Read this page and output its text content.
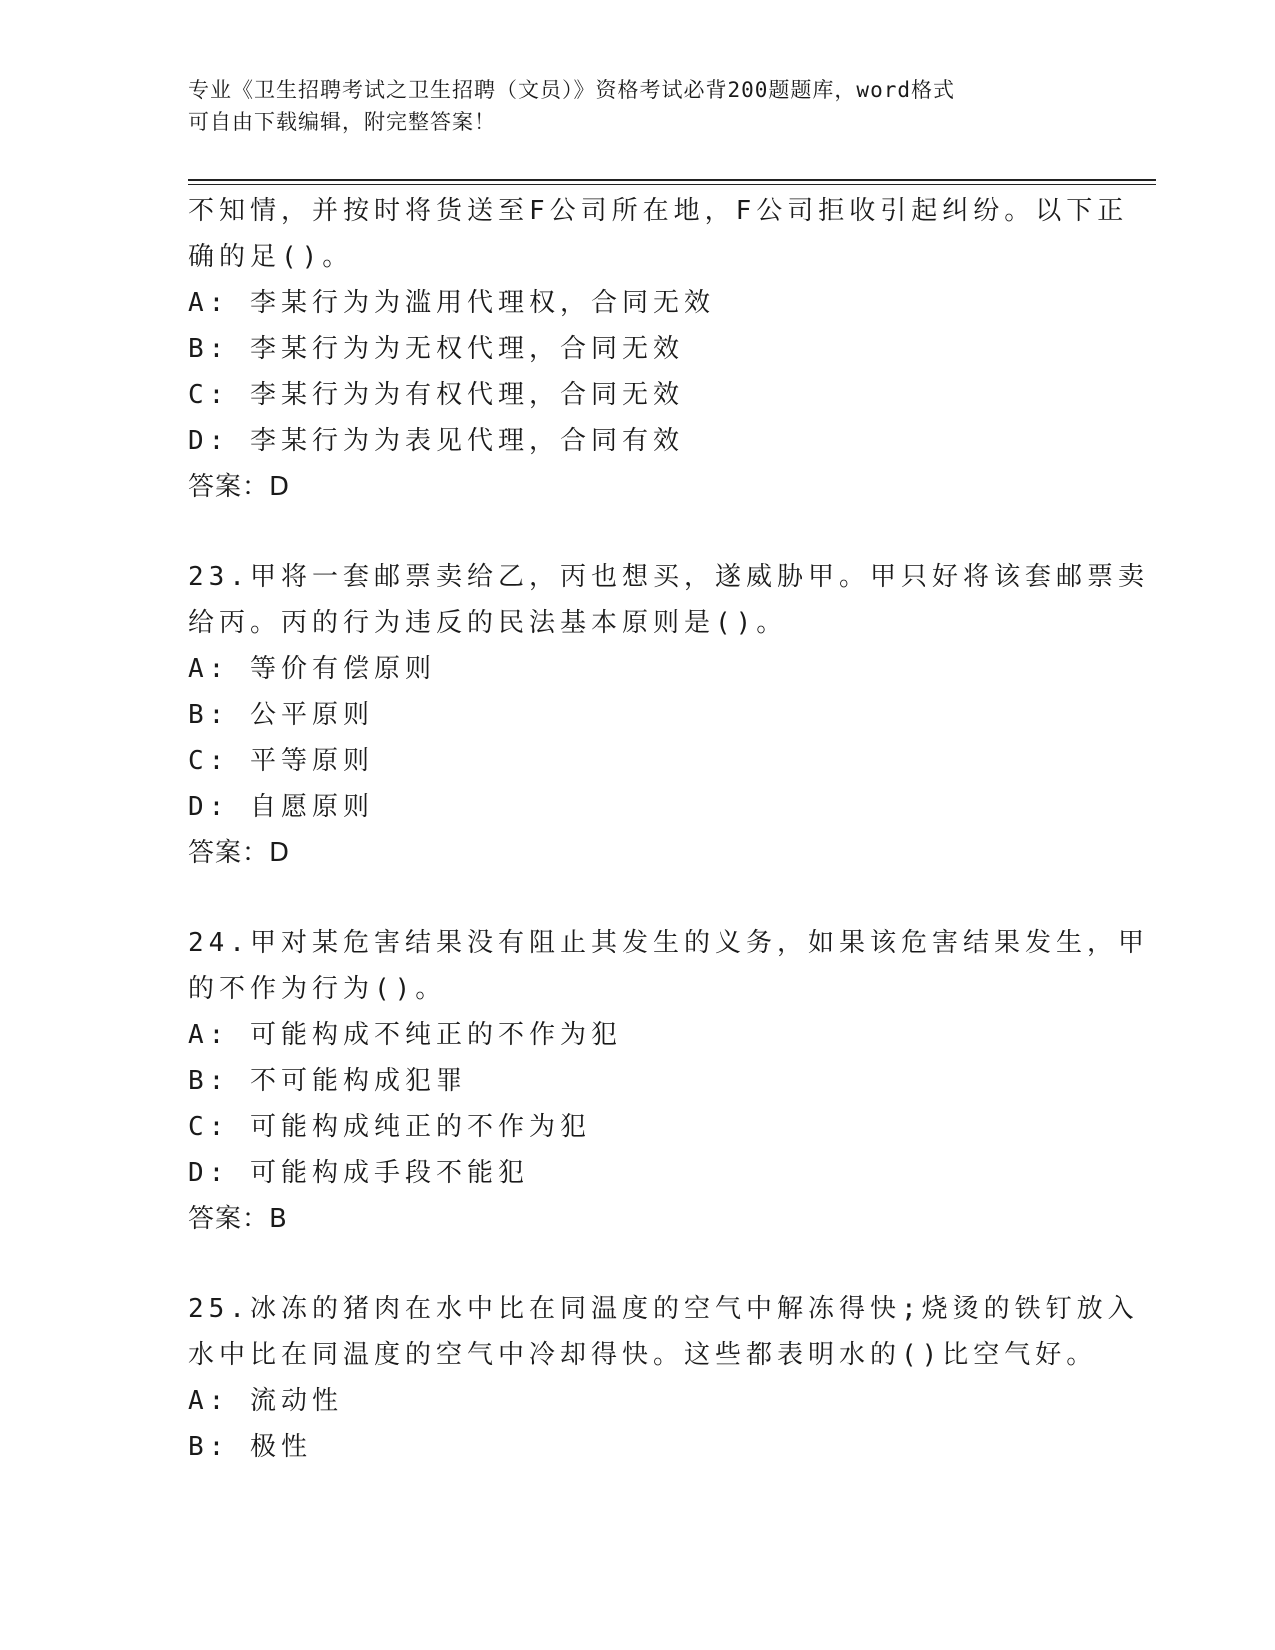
专业《卫生招聘考试之卫生招聘（文员）》资格考试必背200题题库，word格式
可自由下载编辑，附完整答案！
不知情，并按时将货送至F公司所在地，F公司拒收引起纠纷。以下正
确的足()。
A: 李某行为为滥用代理权，合同无效
B: 李某行为为无权代理，合同无效
C: 李某行为为有权代理，合同无效
D: 李某行为为表见代理，合同有效
答案：D
23.甲将一套邮票卖给乙，丙也想买，遂威胁甲。甲只好将该套邮票卖
给丙。丙的行为违反的民法基本原则是()。
A: 等价有偿原则
B: 公平原则
C: 平等原则
D: 自愿原则
答案：D
24.甲对某危害结果没有阻止其发生的义务，如果该危害结果发生，甲
的不作为行为()。
A: 可能构成不纯正的不作为犯
B: 不可能构成犯罪
C: 可能构成纯正的不作为犯
D: 可能构成手段不能犯
答案：B
25.冰冻的猪肉在水中比在同温度的空气中解冻得快;烧烫的铁钉放入
水中比在同温度的空气中冷却得快。这些都表明水的()比空气好。
A: 流动性
B: 极性
